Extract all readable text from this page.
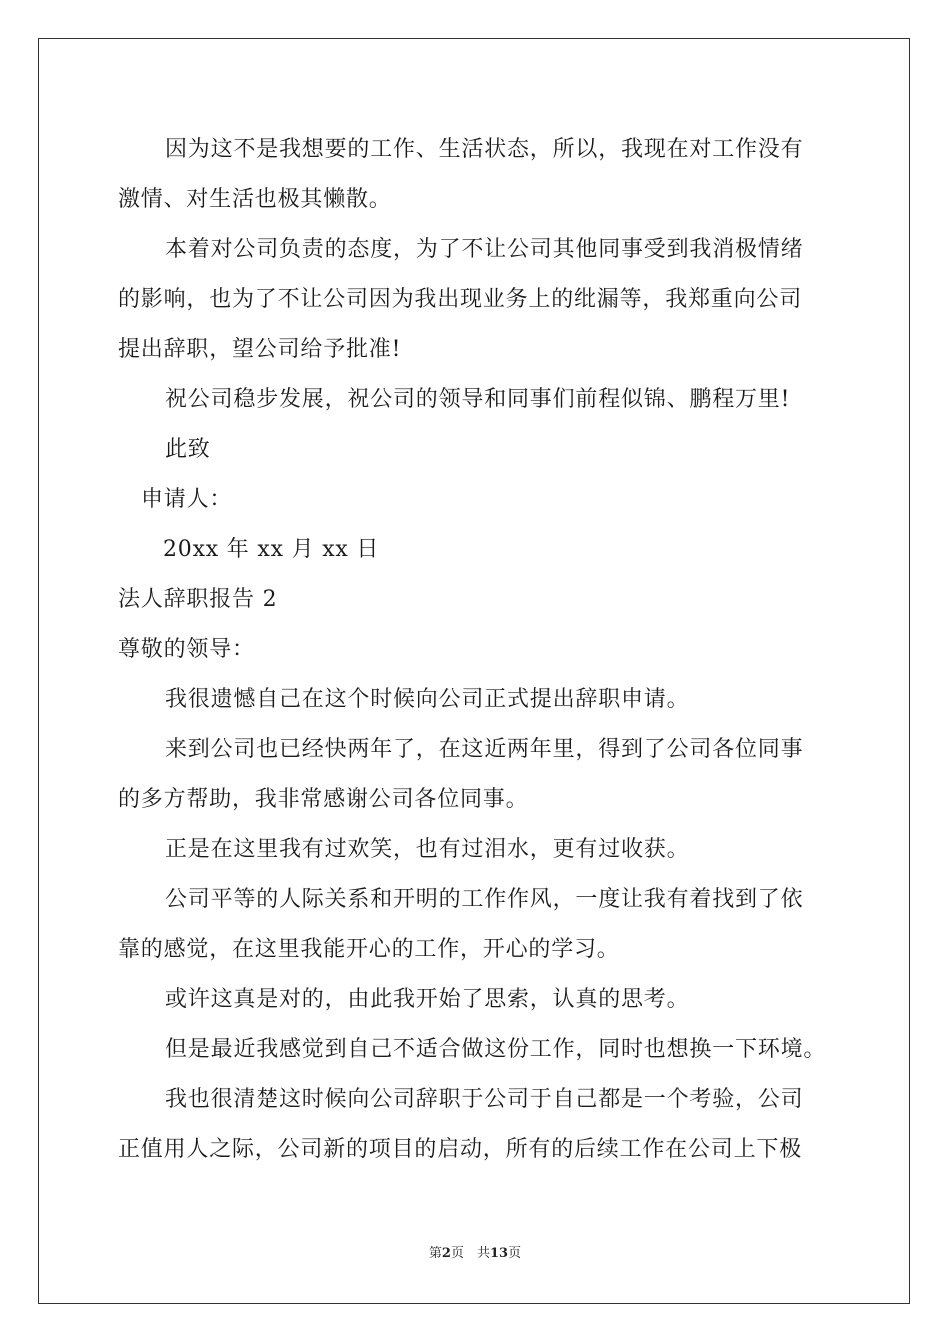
因为这不是我想要的工作、生活状态，所以，我现在对工作没有
激情、对生活也极其懒散。
本着对公司负责的态度，为了不让公司其他同事受到我消极情绪
的影响，也为了不让公司因为我出现业务上的纰漏等，我郑重向公司
提出辞职，望公司给予批准!
祝公司稳步发展，祝公司的领导和同事们前程似锦、鹏程万里!
此致
申请人：
20xx 年 xx 月 xx 日
法人辞职报告 2
尊敬的领导：
我很遗憾自己在这个时候向公司正式提出辞职申请。
来到公司也已经快两年了，在这近两年里，得到了公司各位同事
的多方帮助，我非常感谢公司各位同事。
正是在这里我有过欢笑，也有过泪水，更有过收获。
公司平等的人际关系和开明的工作作风，一度让我有着找到了依
靠的感觉，在这里我能开心的工作，开心的学习。
或许这真是对的，由此我开始了思索，认真的思考。
但是最近我感觉到自己不适合做这份工作，同时也想换一下环境。
我也很清楚这时候向公司辞职于公司于自己都是一个考验，公司
正值用人之际，公司新的项目的启动，所有的后续工作在公司上下极
第2页　共13页
